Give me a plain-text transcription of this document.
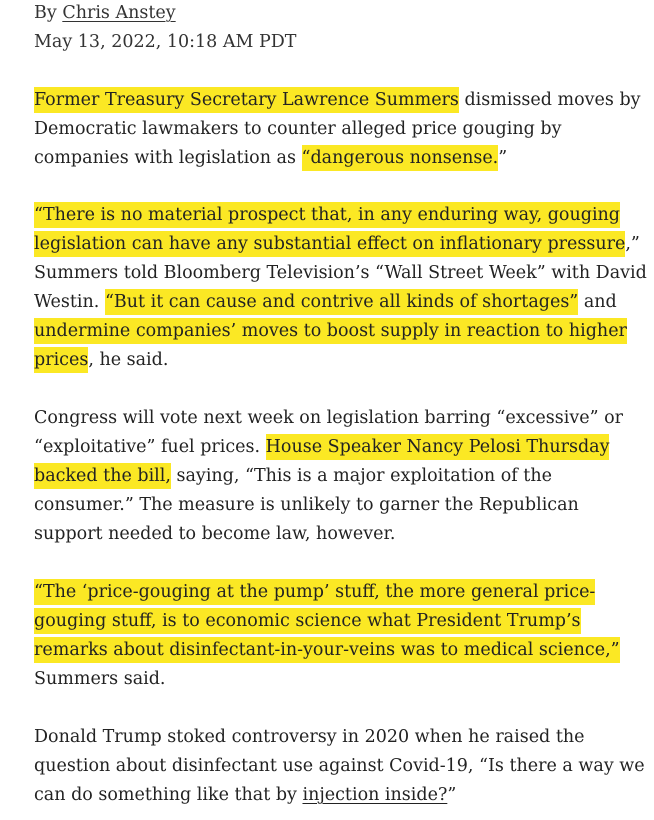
By Chris Anstey
May 13, 2022, 10:18 AM PDT
Former Treasury Secretary Lawrence Summers dismissed moves by
Democratic lawmakers to counter alleged price gouging by
companies with legislation as “dangerous nonsense.”
“There is no material prospect that, in any enduring way, gouging
legislation can have any substantial effect on inflationary pressure,”
Summers told Bloomberg Television’s “Wall Street Week” with David
Westin. “But it can cause and contrive all kinds of shortages” and
undermine companies’ moves to boost supply in reaction to higher
prices, he said.
Congress will vote next week on legislation barring “excessive” or
“exploitative” fuel prices. House Speaker Nancy Pelosi Thursday
backed the bill, saying, “This is a major exploitation of the
consumer.” The measure is unlikely to garner the Republican
support needed to become law, however.
“The ‘price-gouging at the pump’ stuff, the more general price-
gouging stuff, is to economic science what President Trump’s
remarks about disinfectant-in-your-veins was to medical science,”
Summers said.
Donald Trump stoked controversy in 2020 when he raised the
question about disinfectant use against Covid-19, “Is there a way we
can do something like that by injection inside?”
